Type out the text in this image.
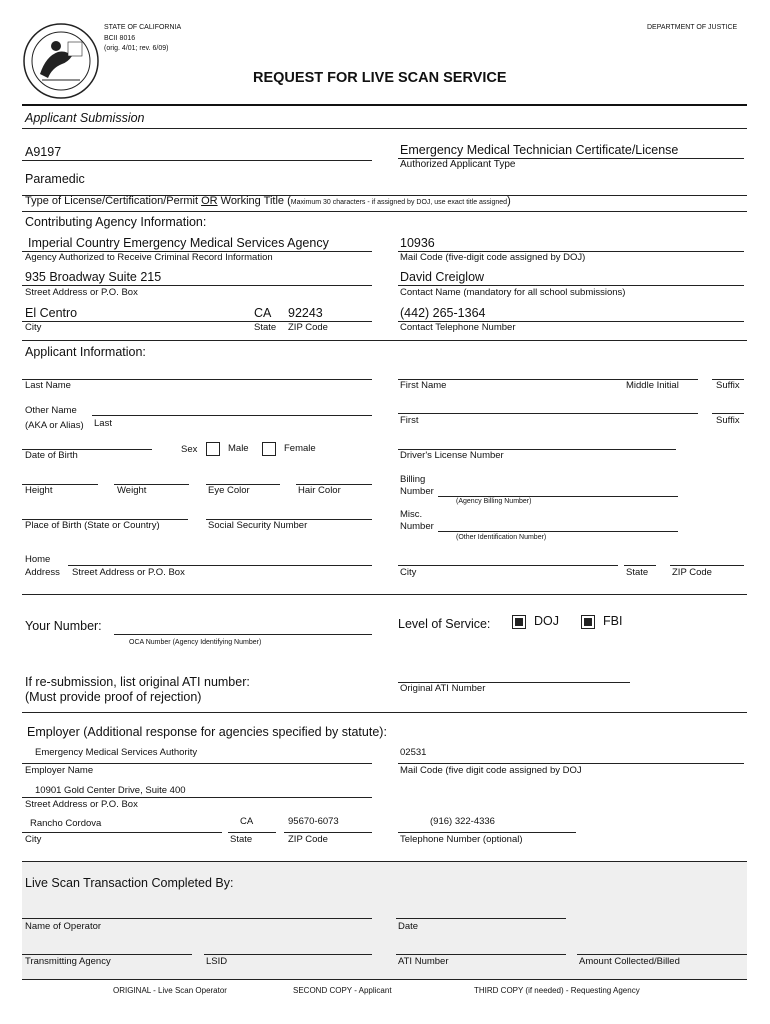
STATE OF CALIFORNIA
BCII 8016
(orig. 4/01; rev. 6/09)
DEPARTMENT OF JUSTICE
REQUEST FOR LIVE SCAN SERVICE
Applicant Submission
A9197	Emergency Medical Technician Certificate/License
Authorized Applicant Type
Paramedic
Type of License/Certification/Permit OR Working Title (Maximum 30 characters - if assigned by DOJ, use exact title assigned)
Contributing Agency Information:
Imperial Country Emergency Medical Services Agency
Agency Authorized to Receive Criminal Record Information
10936
Mail Code (five-digit code assigned by DOJ)
935 Broadway Suite 215
Street Address or P.O. Box
David Creiglow
Contact Name (mandatory for all school submissions)
El Centro	CA 92243
City	State ZIP Code
(442) 265-1364
Contact Telephone Number
Applicant Information:
Last Name	First Name	Middle Initial	Suffix
Other Name
(AKA or Alias) Last	First	Suffix
Sex	Male	Female
Date of Birth	Driver's License Number
Height	Weight	Eye Color	Hair Color
Billing
Number
(Agency Billing Number)
Place of Birth (State or Country)	Social Security Number
Misc.
Number
(Other Identification Number)
Home
Address Street Address or P.O. Box	City	State	ZIP Code
Your Number:
OCA Number (Agency Identifying Number)
Level of Service:	DOJ	FBI
If re-submission, list original ATI number:
(Must provide proof of rejection)
Original ATI Number
Employer (Additional response for agencies specified by statute):
Emergency Medical Services Authority
Employer Name
02531
Mail Code (five digit code assigned by DOJ
10901 Gold Center Drive, Suite 400
Street Address or P.O. Box
Rancho Cordova	CA	95670-6073
City	State	ZIP Code
(916) 322-4336
Telephone Number (optional)
Live Scan Transaction Completed By:
Name of Operator	Date
Transmitting Agency	LSID	ATI Number	Amount Collected/Billed
ORIGINAL - Live Scan Operator	SECOND COPY - Applicant	THIRD COPY (if needed) - Requesting Agency
